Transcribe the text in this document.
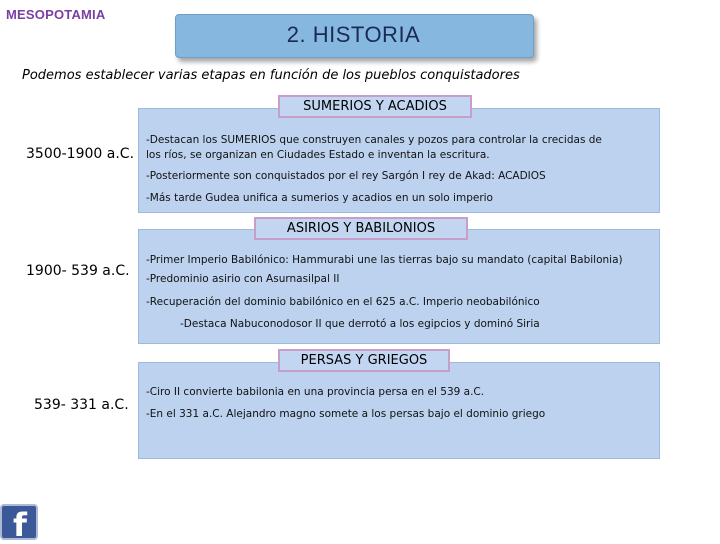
MESOPOTAMIA
2. HISTORIA
Podemos establecer varias etapas en función de los pueblos conquistadores
SUMERIOS Y ACADIOS
3500-1900 a.C.
-Destacan los SUMERIOS que construyen canales y pozos para controlar la crecidas de
los ríos, se organizan en Ciudades Estado e inventan la escritura.
-Posteriormente son conquistados por el rey Sargón I rey de Akad: ACADIOS
-Más tarde Gudea unifica a sumerios y acadios en un solo imperio
ASIRIOS Y BABILONIOS
1900- 539 a.C.
-Primer Imperio Babilónico: Hammurabi une las tierras bajo su mandato (capital Babilonia)
-Predominio asirio con Asurnasilpal II
-Recuperación del dominio babilónico en el 625 a.C. Imperio neobabilónico
-Destaca Nabuconodosor II que derrotó a los egipcios y dominó Siria
PERSAS Y GRIEGOS
539- 331 a.C.
-Ciro II convierte babilonia en una provincia persa en el 539 a.C.
-En el 331 a.C. Alejandro magno somete a los persas bajo el dominio griego
f
